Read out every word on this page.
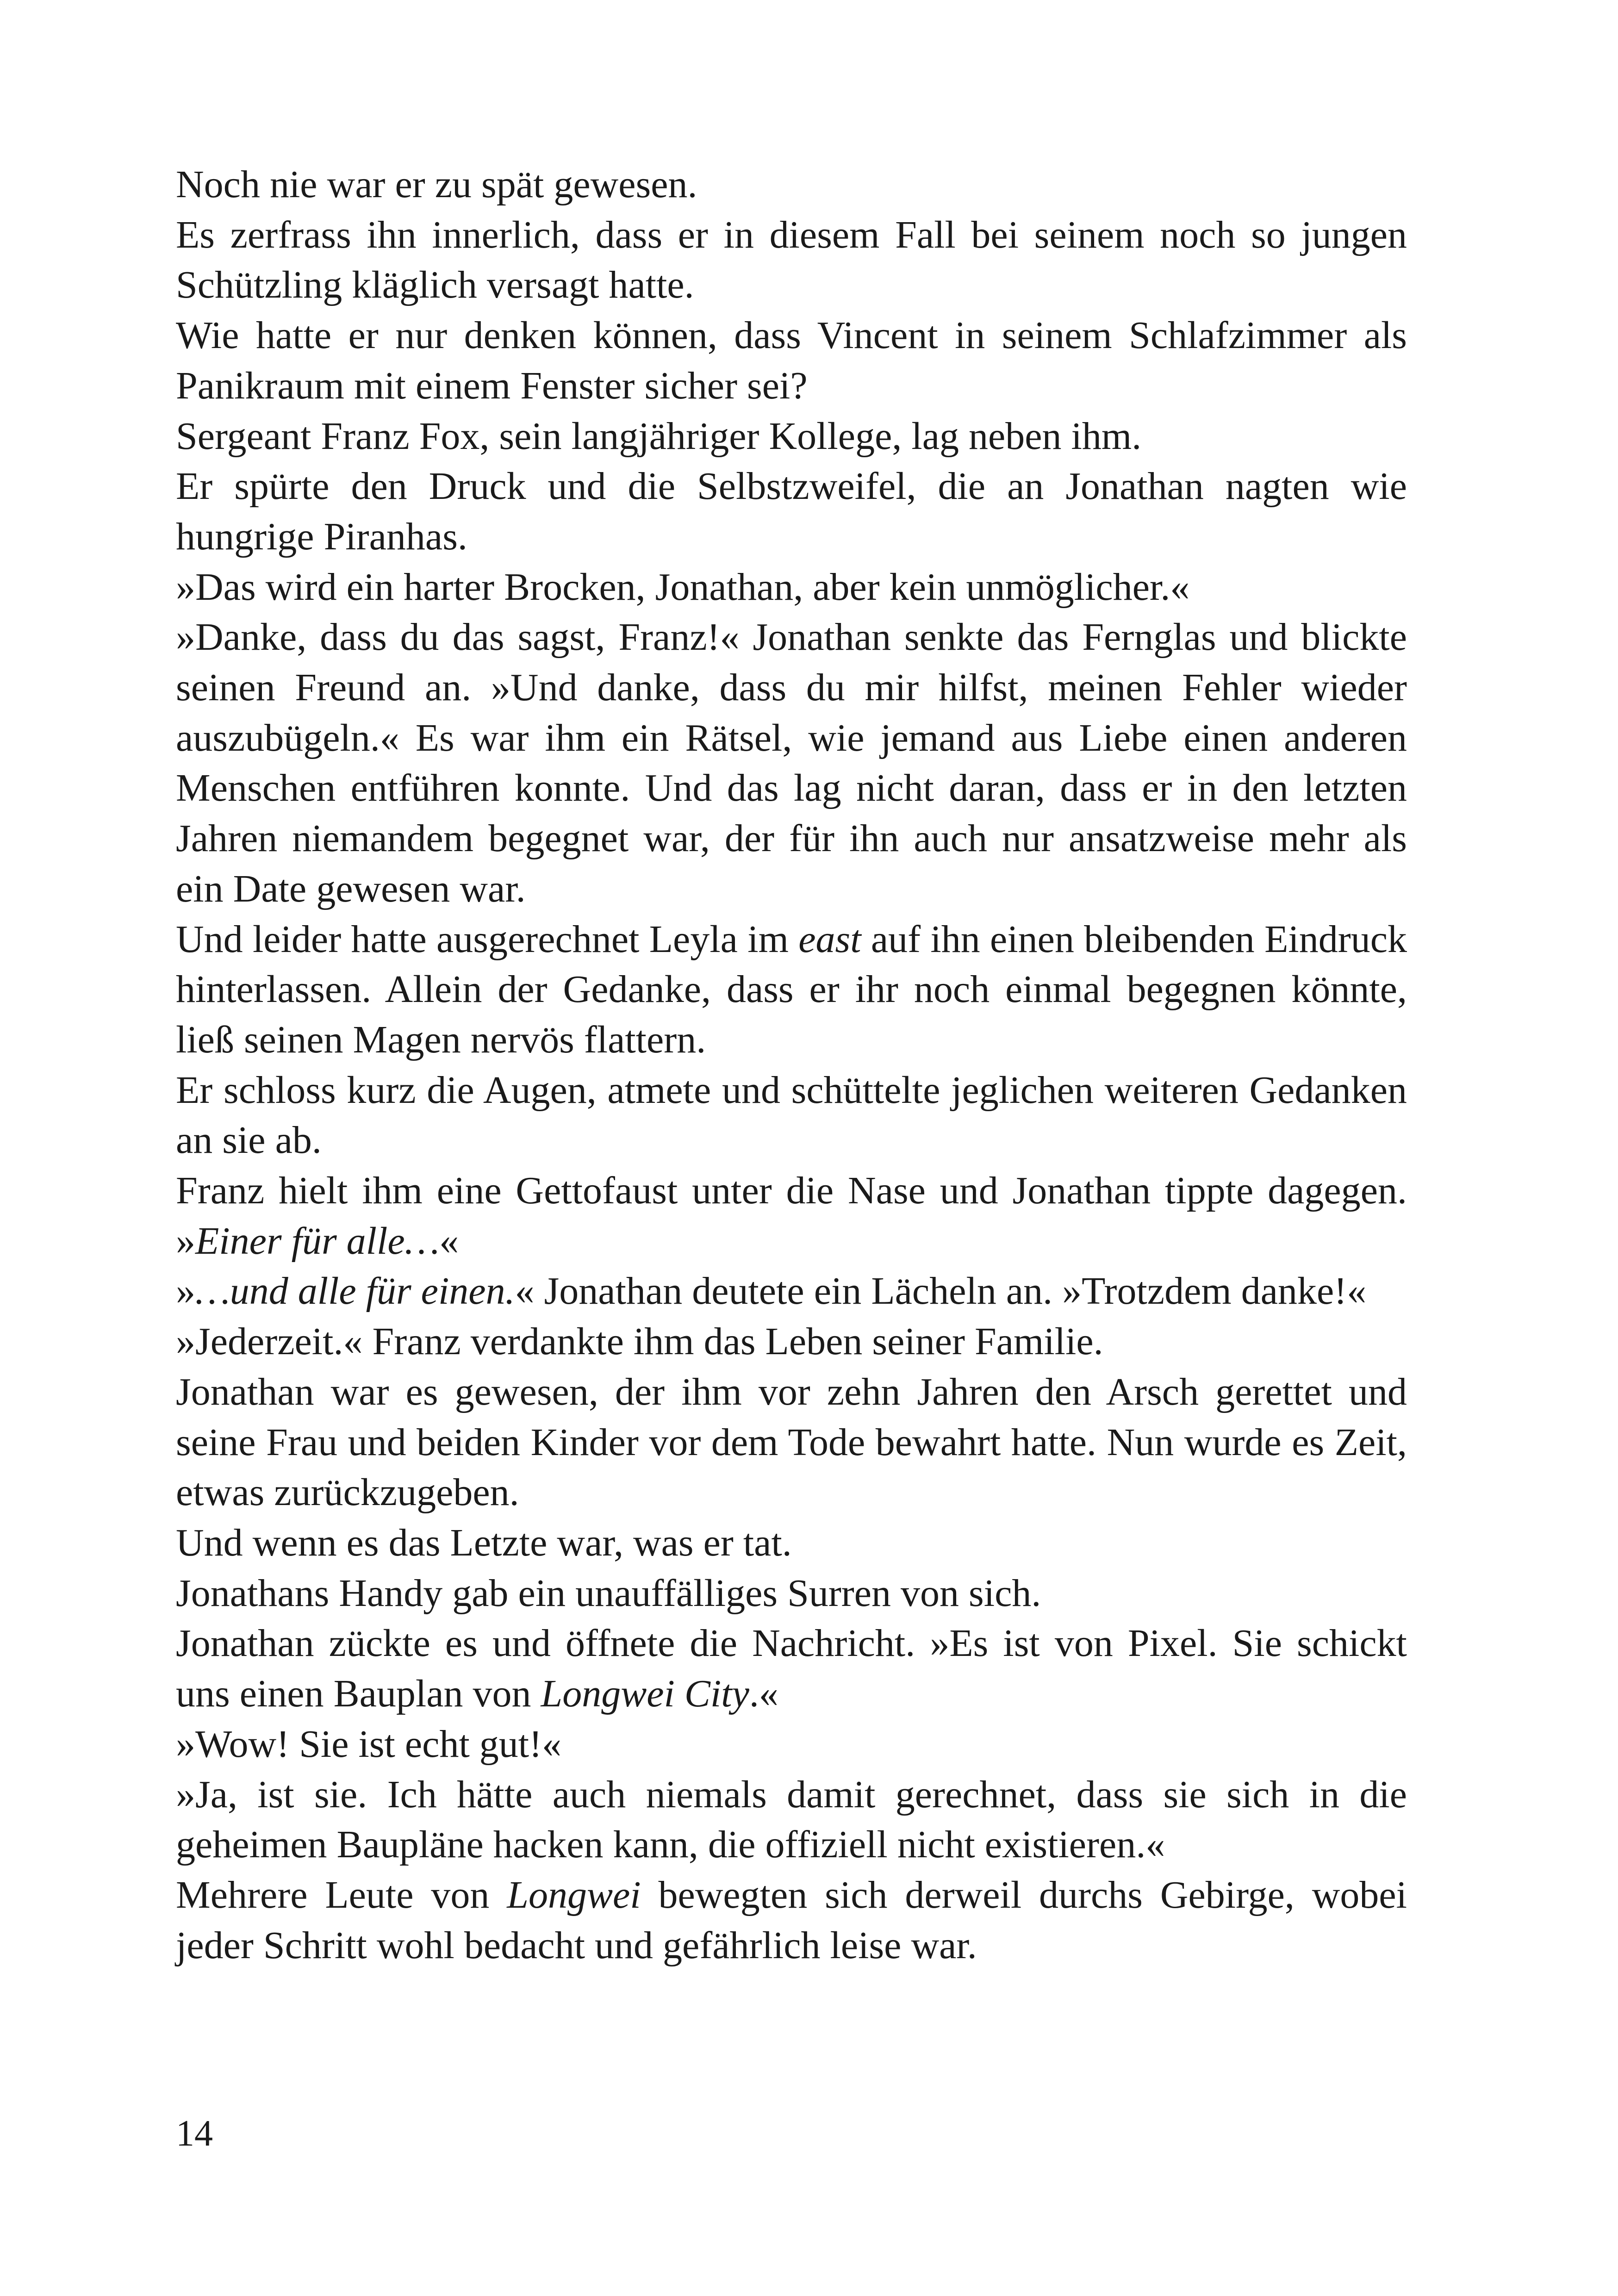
Noch nie war er zu spät gewesen.

Es zerfrass ihn innerlich, dass er in diesem Fall bei seinem noch so jungen Schützling kläglich versagt hatte.

Wie hatte er nur denken können, dass Vincent in seinem Schlafzimmer als Panikraum mit einem Fenster sicher sei?

Sergeant Franz Fox, sein langjähriger Kollege, lag neben ihm.

Er spürte den Druck und die Selbstzweifel, die an Jonathan nagten wie hungrige Piranhas.

»Das wird ein harter Brocken, Jonathan, aber kein unmöglicher.«

»Danke, dass du das sagst, Franz!« Jonathan senkte das Fernglas und blickte seinen Freund an. »Und danke, dass du mir hilfst, meinen Fehler wieder auszubügeln.« Es war ihm ein Rätsel, wie jemand aus Liebe einen anderen Menschen entführen konnte. Und das lag nicht daran, dass er in den letzten Jahren niemandem begegnet war, der für ihn auch nur ansatzweise mehr als ein Date gewesen war.

Und leider hatte ausgerechnet Leyla im east auf ihn einen bleibenden Eindruck hinterlassen. Allein der Gedanke, dass er ihr noch einmal begegnen könnte, ließ seinen Magen nervös flattern.

Er schloss kurz die Augen, atmete und schüttelte jeglichen weiteren Gedanken an sie ab.

Franz hielt ihm eine Gettofaust unter die Nase und Jonathan tippte dagegen. »Einer für alle…«

»…und alle für einen.« Jonathan deutete ein Lächeln an. »Trotzdem danke!«

»Jederzeit.« Franz verdankte ihm das Leben seiner Familie.

Jonathan war es gewesen, der ihm vor zehn Jahren den Arsch gerettet und seine Frau und beiden Kinder vor dem Tode bewahrt hatte. Nun wurde es Zeit, etwas zurückzugeben.

Und wenn es das Letzte war, was er tat.

Jonathans Handy gab ein unauffälliges Surren von sich.

Jonathan zückte es und öffnete die Nachricht. »Es ist von Pixel. Sie schickt uns einen Bauplan von Longwei City.«

»Wow! Sie ist echt gut!«

»Ja, ist sie. Ich hätte auch niemals damit gerechnet, dass sie sich in die geheimen Baupläne hacken kann, die offiziell nicht existieren.«

Mehrere Leute von Longwei bewegten sich derweil durchs Gebirge, wobei jeder Schritt wohl bedacht und gefährlich leise war.

14
